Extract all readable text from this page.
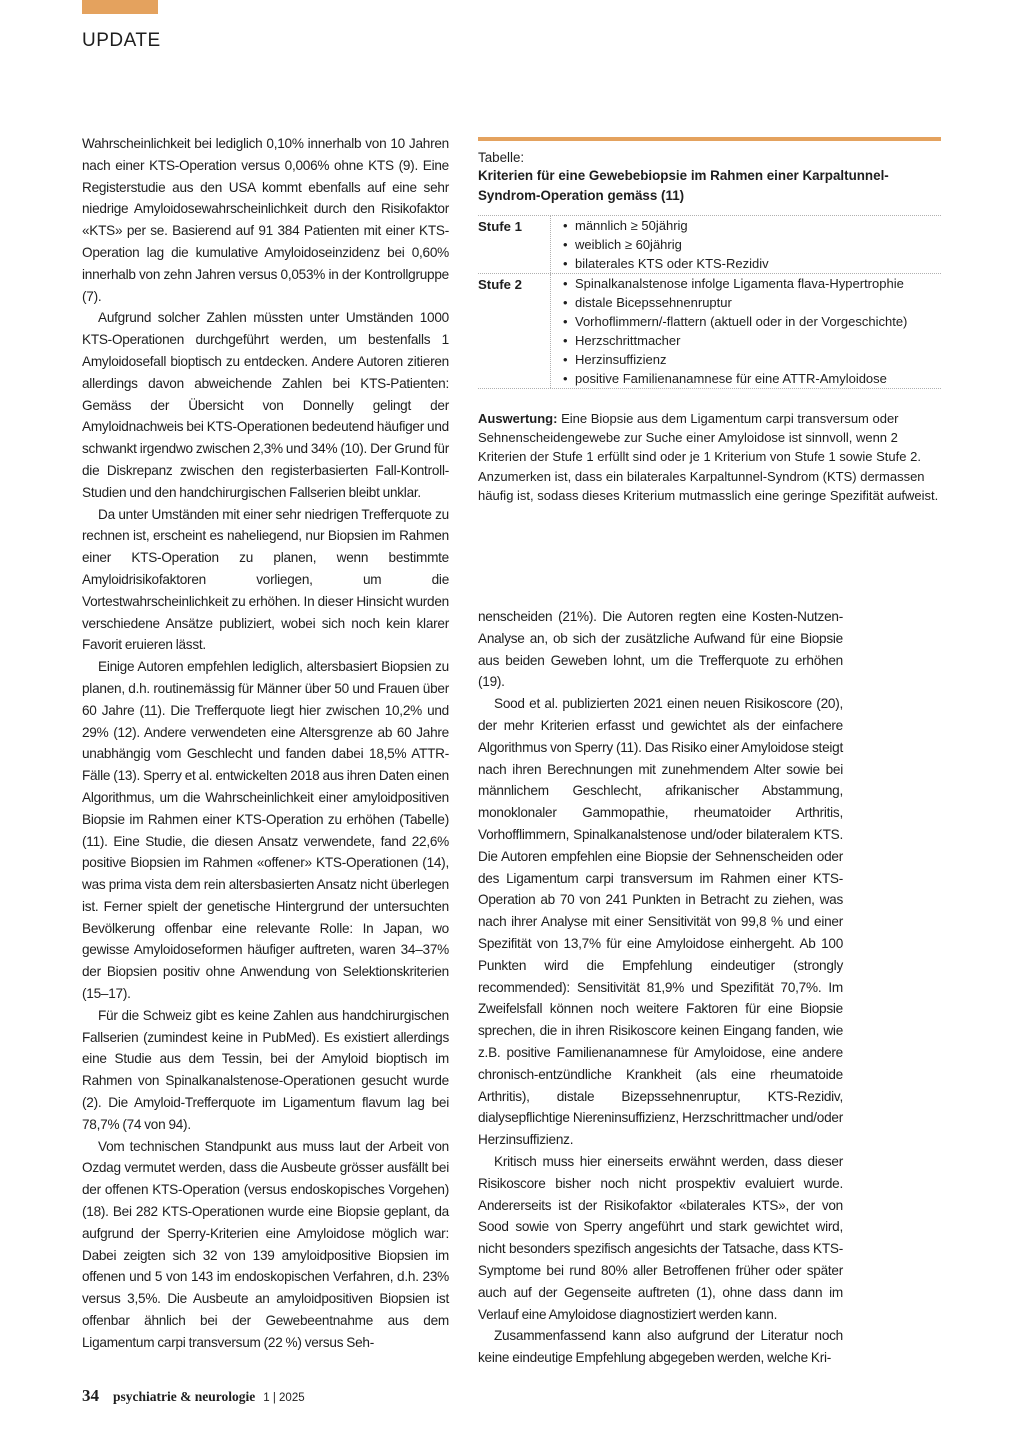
UPDATE

Wahrscheinlichkeit bei lediglich 0,10% innerhalb von 10 Jahren nach einer KTS-Operation versus 0,006% ohne KTS (9). Eine Registerstudie aus den USA kommt ebenfalls auf eine sehr niedrige Amyloidosewahrscheinlichkeit durch den Risikofaktor «KTS» per se. Basierend auf 91 384 Patienten mit einer KTS-Operation lag die kumulative Amyloidoseinzidenz bei 0,60% innerhalb von zehn Jahren versus 0,053% in der Kontrollgruppe (7).

Aufgrund solcher Zahlen müssten unter Umständen 1000 KTS-Operationen durchgeführt werden, um bestenfalls 1 Amyloidosefall bioptisch zu entdecken. Andere Autoren zitieren allerdings davon abweichende Zahlen bei KTS-Patienten: Gemäss der Übersicht von Donnelly gelingt der Amyloidnachweis bei KTS-Operationen bedeutend häufiger und schwankt irgendwo zwischen 2,3% und 34% (10). Der Grund für die Diskrepanz zwischen den registerbasierten Fall-Kontroll-Studien und den handchirurgischen Fallserien bleibt unklar.

Da unter Umständen mit einer sehr niedrigen Trefferquote zu rechnen ist, erscheint es naheliegend, nur Biopsien im Rahmen einer KTS-Operation zu planen, wenn bestimmte Amyloidrisikofaktoren vorliegen, um die Vortestwahrscheinlichkeit zu erhöhen. In dieser Hinsicht wurden verschiedene Ansätze publiziert, wobei sich noch kein klarer Favorit eruieren lässt.

Einige Autoren empfehlen lediglich, altersbasiert Biopsien zu planen, d.h. routinemässig für Männer über 50 und Frauen über 60 Jahre (11). Die Trefferquote liegt hier zwischen 10,2% und 29% (12). Andere verwendeten eine Altersgrenze ab 60 Jahre unabhängig vom Geschlecht und fanden dabei 18,5% ATTR-Fälle (13). Sperry et al. entwickelten 2018 aus ihren Daten einen Algorithmus, um die Wahrscheinlichkeit einer amyloidpositiven Biopsie im Rahmen einer KTS-Operation zu erhöhen (Tabelle) (11). Eine Studie, die diesen Ansatz verwendete, fand 22,6% positive Biopsien im Rahmen «offener» KTS-Operationen (14), was prima vista dem rein altersbasierten Ansatz nicht überlegen ist. Ferner spielt der genetische Hintergrund der untersuchten Bevölkerung offenbar eine relevante Rolle: In Japan, wo gewisse Amyloidoseformen häufiger auftreten, waren 34–37% der Biopsien positiv ohne Anwendung von Selektionskriterien (15–17).

Für die Schweiz gibt es keine Zahlen aus handchirurgischen Fallserien (zumindest keine in PubMed). Es existiert allerdings eine Studie aus dem Tessin, bei der Amyloid bioptisch im Rahmen von Spinalkanalstenose-Operationen gesucht wurde (2). Die Amyloid-Trefferquote im Ligamentum flavum lag bei 78,7% (74 von 94).

Vom technischen Standpunkt aus muss laut der Arbeit von Ozdag vermutet werden, dass die Ausbeute grösser ausfällt bei der offenen KTS-Operation (versus endoskopisches Vorgehen) (18). Bei 282 KTS-Operationen wurde eine Biopsie geplant, da aufgrund der Sperry-Kriterien eine Amyloidose möglich war: Dabei zeigten sich 32 von 139 amyloidpositive Biopsien im offenen und 5 von 143 im endoskopischen Verfahren, d.h. 23% versus 3,5%. Die Ausbeute an amyloidpositiven Biopsien ist offenbar ähnlich bei der Gewebeentnahme aus dem Ligamentum carpi transversum (22 %) versus Seh-

Tabelle:
Kriterien für eine Gewebebiopsie im Rahmen einer Karpaltunnel-Syndrom-Operation gemäss (11)
Stufe 1	• männlich ≥ 50jährig
• weiblich ≥ 60jährig
• bilaterales KTS oder KTS-Rezidiv
Stufe 2	• Spinalkanalstenose infolge Ligamenta flava-Hypertrophie
• distale Bicepssehnenruptur
• Vorhoflimmern/-flattern (aktuell oder in der Vorgeschichte)
• Herzschrittmacher
• Herzinsuffizienz
• positive Familienanamnese für eine ATTR-Amyloidose
Auswertung: Eine Biopsie aus dem Ligamentum carpi transversum oder Sehnenscheidengewebe zur Suche einer Amyloidose ist sinnvoll, wenn 2 Kriterien der Stufe 1 erfüllt sind oder je 1 Kriterium von Stufe 1 sowie Stufe 2. Anzumerken ist, dass ein bilaterales Karpaltunnel-Syndrom (KTS) dermassen häufig ist, sodass dieses Kriterium mutmasslich eine geringe Spezifität aufweist.

nenscheiden (21%). Die Autoren regten eine Kosten-Nutzen-Analyse an, ob sich der zusätzliche Aufwand für eine Biopsie aus beiden Geweben lohnt, um die Trefferquote zu erhöhen (19).

Sood et al. publizierten 2021 einen neuen Risikoscore (20), der mehr Kriterien erfasst und gewichtet als der einfachere Algorithmus von Sperry (11). Das Risiko einer Amyloidose steigt nach ihren Berechnungen mit zunehmendem Alter sowie bei männlichem Geschlecht, afrikanischer Abstammung, monoklonaler Gammopathie, rheumatoider Arthritis, Vorhofflimmern, Spinalkanalstenose und/oder bilateralem KTS. Die Autoren empfehlen eine Biopsie der Sehnenscheiden oder des Ligamentum carpi transversum im Rahmen einer KTS-Operation ab 70 von 241 Punkten in Betracht zu ziehen, was nach ihrer Analyse mit einer Sensitivität von 99,8 % und einer Spezifität von 13,7% für eine Amyloidose einhergeht. Ab 100 Punkten wird die Empfehlung eindeutiger (strongly recommended): Sensitivität 81,9% und Spezifität 70,7%. Im Zweifelsfall können noch weitere Faktoren für eine Biopsie sprechen, die in ihren Risikoscore keinen Eingang fanden, wie z.B. positive Familienanamnese für Amyloidose, eine andere chronisch-entzündliche Krankheit (als eine rheumatoide Arthritis), distale Bizepssehnenruptur, KTS-Rezidiv, dialysepflichtige Niereninsuffizienz, Herzschrittmacher und/oder Herzinsuffizienz.

Kritisch muss hier einerseits erwähnt werden, dass dieser Risikoscore bisher noch nicht prospektiv evaluiert wurde. Andererseits ist der Risikofaktor «bilaterales KTS», der von Sood sowie von Sperry angeführt und stark gewichtet wird, nicht besonders spezifisch angesichts der Tatsache, dass KTS-Symptome bei rund 80% aller Betroffenen früher oder später auch auf der Gegenseite auftreten (1), ohne dass dann im Verlauf eine Amyloidose diagnostiziert werden kann.

Zusammenfassend kann also aufgrund der Literatur noch keine eindeutige Empfehlung abgegeben werden, welche Kri-

34 psychiatrie & neurologie 1 | 2025
